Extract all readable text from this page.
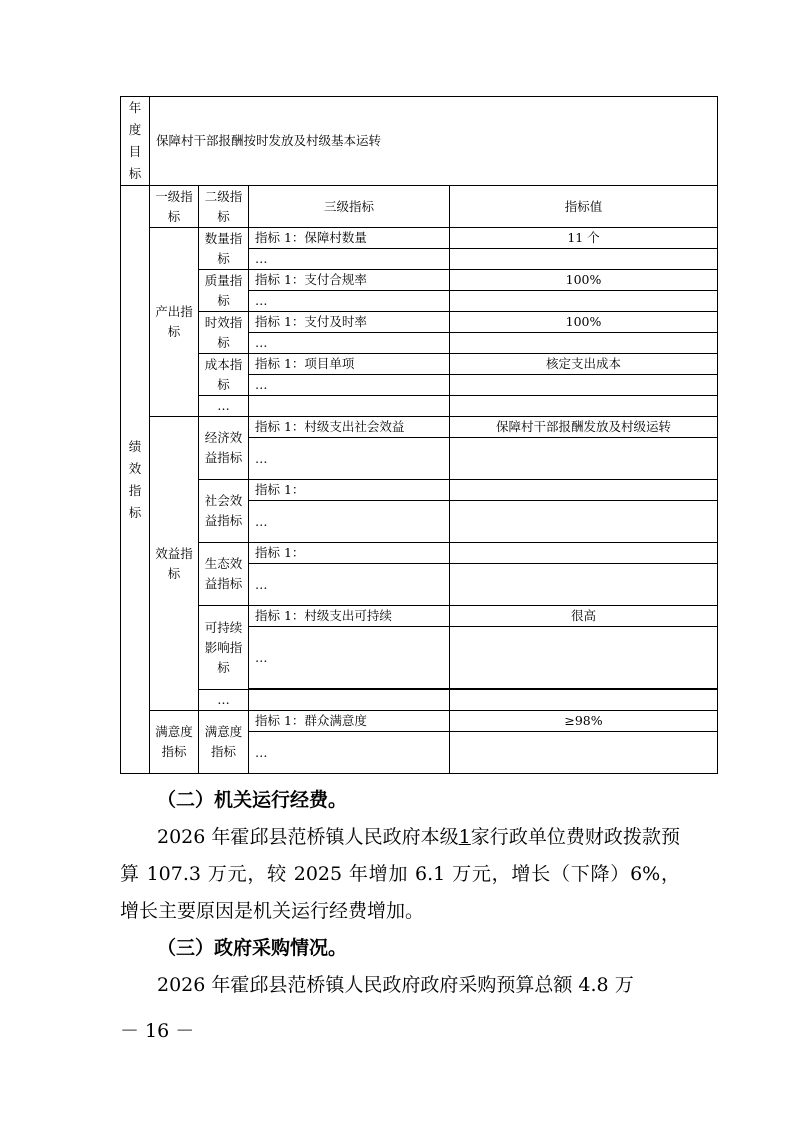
年度目标	保障村干部报酬按时发放及村级基本运转			

绩效指标	一级指标	二级指标	三级指标	指标值
	产出指标	数量指标	指标 1：保障村数量	11 个
			…	
		质量指标	指标 1：支付合规率	100%
			…	
		时效指标	指标 1：支付及时率	100%
			…	
		成本指标	指标 1：项目单项	核定支出成本
			…	
		…		
	效益指标	经济效益指标	指标 1：村级支出社会效益	保障村干部报酬发放及村级运转
			…	
		社会效益指标	指标 1：	
			…	
		生态效益指标	指标 1：	
			…	
		可持续影响指标	指标 1：村级支出可持续	很高
			…	

		…		

	满意度指标	满意度指标	指标 1：群众满意度	≥98%
			…	

（二）机关运行经费。

2026 年霍邱县范桥镇人民政府本级1家行政单位费财政拨款预算 107.3 万元，较 2025 年增加 6.1 万元，增长（下降）6%，增长主要原因是机关运行经费增加。

（三）政府采购情况。

2026 年霍邱县范桥镇人民政府政府采购预算总额 4.8 万

－ 16 －
